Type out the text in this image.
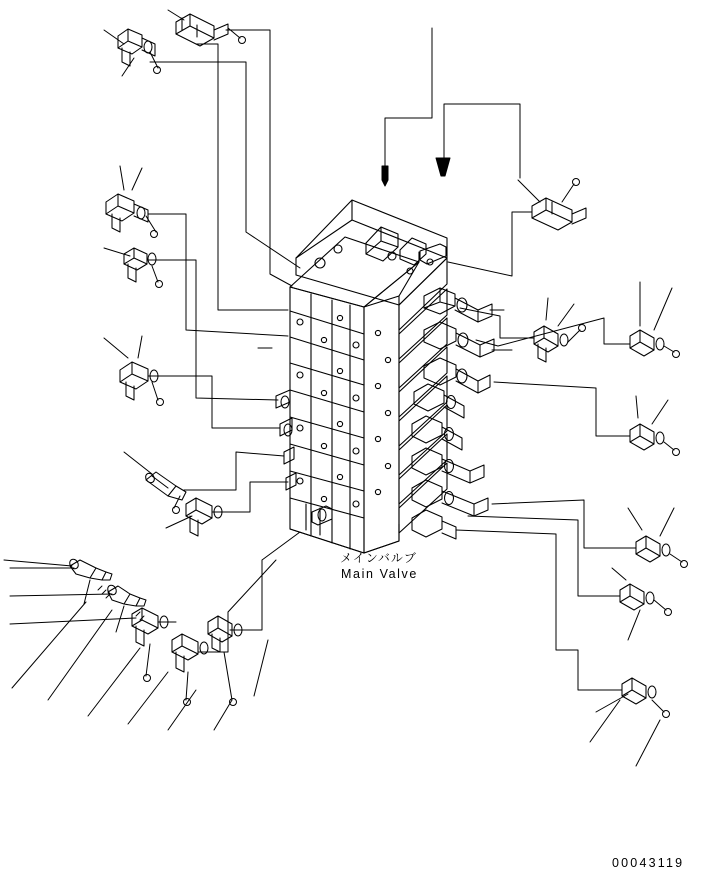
メインバルブ
Main Valve
00043119
